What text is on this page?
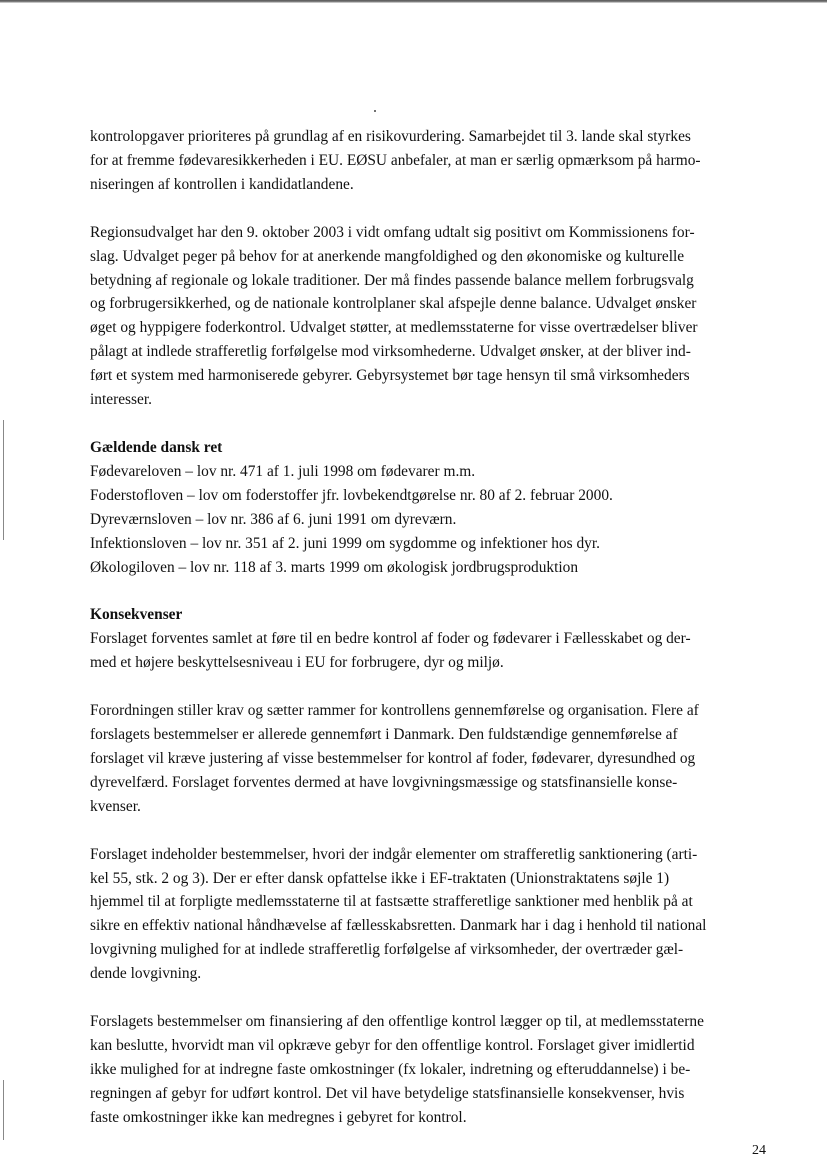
kontrolopgaver prioriteres på grundlag af en risikovurdering. Samarbejdet til 3. lande skal styrkes
for at fremme fødevaresikkerheden i EU. EØSU anbefaler, at man er særlig opmærksom på harmo-
niseringen af kontrollen i kandidatlandene.

Regionsudvalget har den 9. oktober 2003 i vidt omfang udtalt sig positivt om Kommissionens for-
slag. Udvalget peger på behov for at anerkende mangfoldighed og den økonomiske og kulturelle
betydning af regionale og lokale traditioner. Der må findes passende balance mellem forbrugsvalg
og forbrugersikkerhed, og de nationale kontrolplaner skal afspejle denne balance. Udvalget ønsker
øget og hyppigere foderkontrol. Udvalget støtter, at medlemsstaterne for visse overtrædelser bliver
pålagt at indlede strafferetlig forfølgelse mod virksomhederne. Udvalget ønsker, at der bliver ind-
ført et system med harmoniserede gebyrer. Gebyrsystemet bør tage hensyn til små virksomheders
interesser.

Gældende dansk ret
Fødevareloven – lov nr. 471 af 1. juli 1998 om fødevarer m.m.
Foderstofloven – lov om foderstoffer jfr. lovbekendtgørelse nr. 80 af 2. februar 2000.
Dyreværnsloven – lov nr. 386 af 6. juni 1991 om dyreværn.
Infektionsloven – lov nr. 351 af 2. juni 1999 om sygdomme og infektioner hos dyr.
Økologiloven – lov nr. 118 af 3. marts 1999 om økologisk jordbrugsproduktion
Konsekvenser

Forslaget forventes samlet at føre til en bedre kontrol af foder og fødevarer i Fællesskabet og der-
med et højere beskyttelsesniveau i EU for forbrugere, dyr og miljø.

Forordningen stiller krav og sætter rammer for kontrollens gennemførelse og organisation. Flere af
forslagets bestemmelser er allerede gennemført i Danmark. Den fuldstændige gennemførelse af
forslaget vil kræve justering af visse bestemmelser for kontrol af foder, fødevarer, dyresundhed og
dyrevelfærd. Forslaget forventes dermed at have lovgivningsmæssige og statsfinansielle konse-
kvenser.

Forslaget indeholder bestemmelser, hvori der indgår elementer om strafferetlig sanktionering (arti-
kel 55, stk. 2 og 3). Der er efter dansk opfattelse ikke i EF-traktaten (Unionstraktatens søjle 1)
hjemmel til at forpligte medlemsstaterne til at fastsætte strafferetlige sanktioner med henblik på at
sikre en effektiv national håndhævelse af fællesskabsretten. Danmark har i dag i henhold til national
lovgivning mulighed for at indlede strafferetlig forfølgelse af virksomheder, der overtræder gæl-
dende lovgivning.

Forslagets bestemmelser om finansiering af den offentlige kontrol lægger op til, at medlemsstaterne
kan beslutte, hvorvidt man vil opkræve gebyr for den offentlige kontrol. Forslaget giver imidlertid
ikke mulighed for at indregne faste omkostninger (fx lokaler, indretning og efteruddannelse) i be-
regningen af gebyr for udført kontrol. Det vil have betydelige statsfinansielle konsekvenser, hvis
faste omkostninger ikke kan medregnes i gebyret for kontrol.

24
